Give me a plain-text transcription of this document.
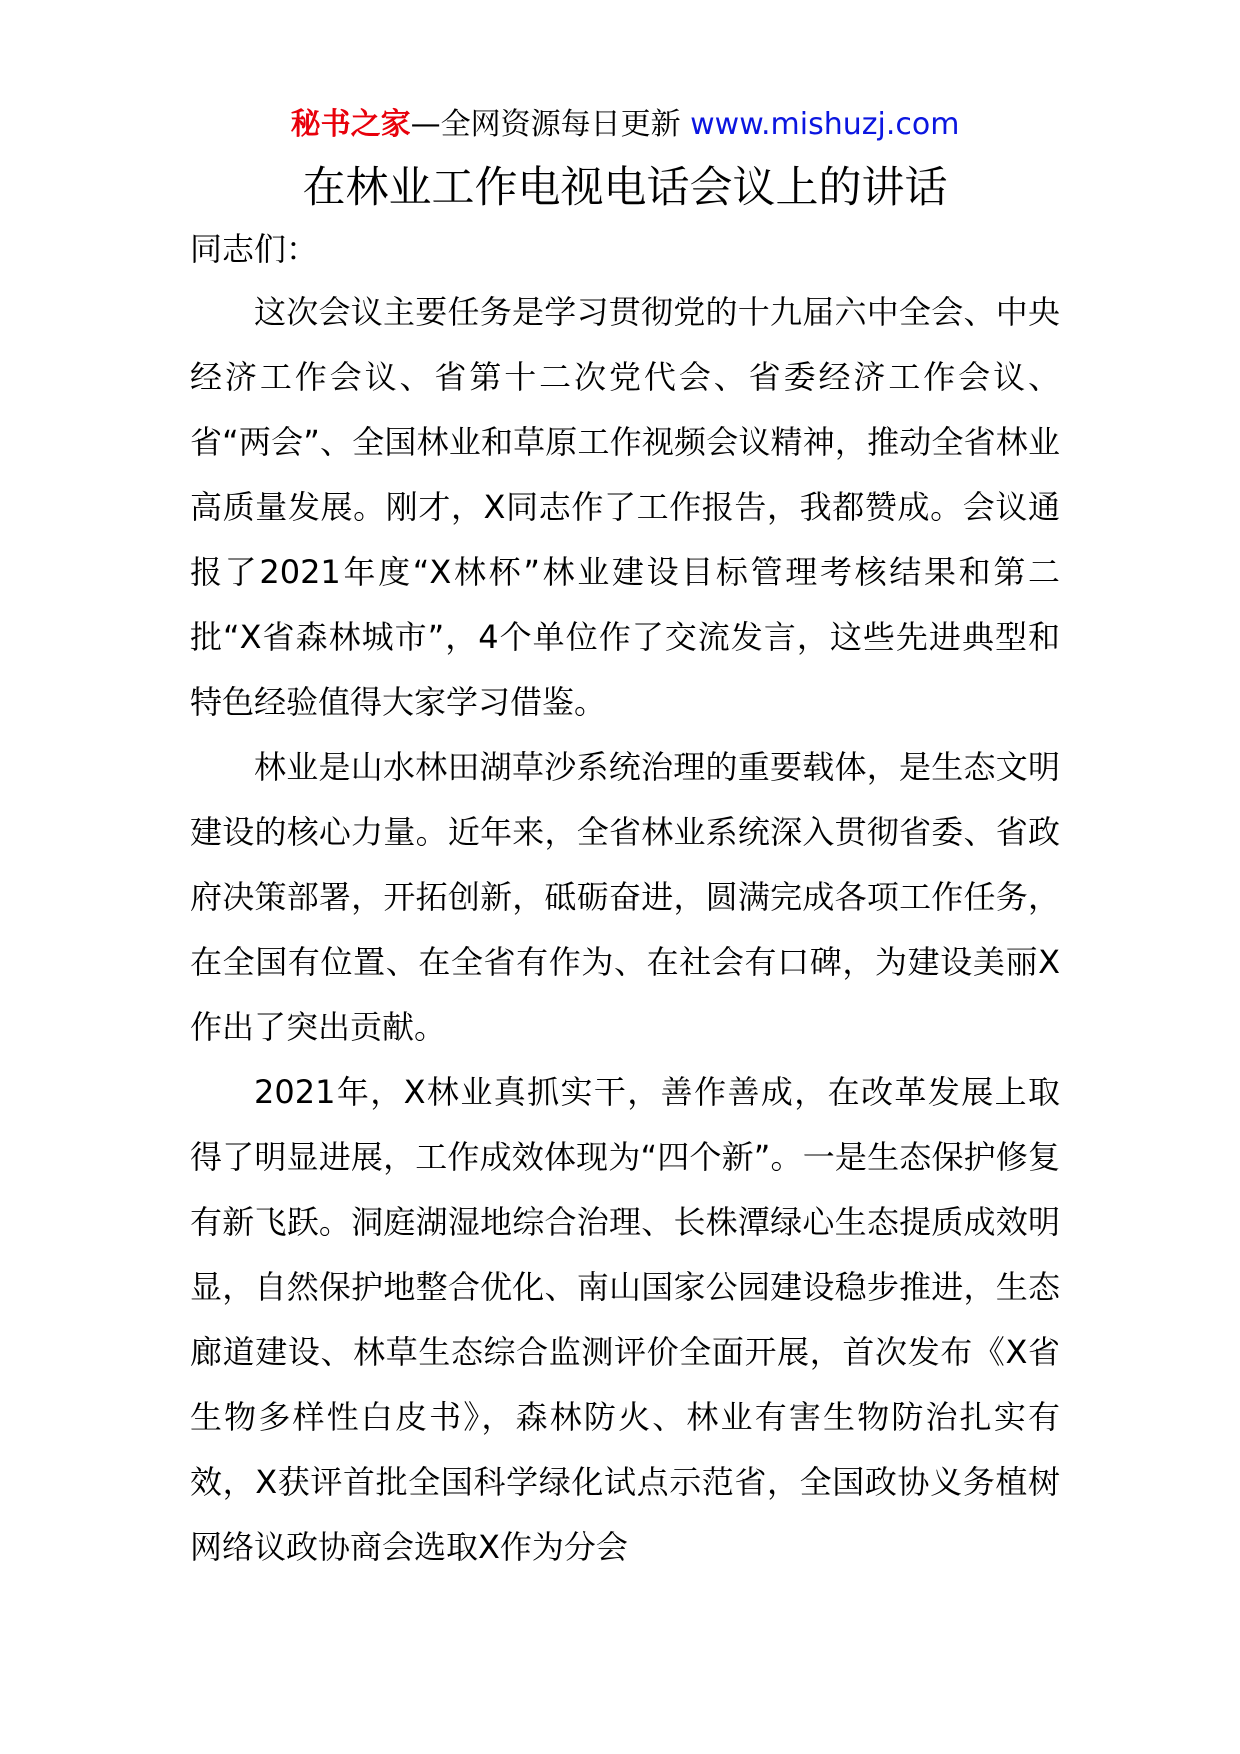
秘书之家—全网资源每日更新 www.mishuzj.com
在林业工作电视电话会议上的讲话
同志们：

这次会议主要任务是学习贯彻党的十九届六中全会、中央经济工作会议、省第十二次党代会、省委经济工作会议、省“两会”、全国林业和草原工作视频会议精神，推动全省林业高质量发展。刚才，X同志作了工作报告，我都赞成。会议通报了2021年度“X林杯”林业建设目标管理考核结果和第二批“X省森林城市”，4个单位作了交流发言，这些先进典型和特色经验值得大家学习借鉴。

林业是山水林田湖草沙系统治理的重要载体，是生态文明建设的核心力量。近年来，全省林业系统深入贯彻省委、省政府决策部署，开拓创新，砥砺奋进，圆满完成各项工作任务，在全国有位置、在全省有作为、在社会有口碑，为建设美丽X作出了突出贡献。

2021年，X林业真抓实干，善作善成，在改革发展上取得了明显进展，工作成效体现为“四个新”。一是生态保护修复有新飞跃。洞庭湖湿地综合治理、长株潭绿心生态提质成效明显，自然保护地整合优化、南山国家公园建设稳步推进，生态廊道建设、林草生态综合监测评价全面开展，首次发布《X省生物多样性白皮书》，森林防火、林业有害生物防治扎实有效，X获评首批全国科学绿化试点示范省，全国政协义务植树网络议政协商会选取X作为分会
